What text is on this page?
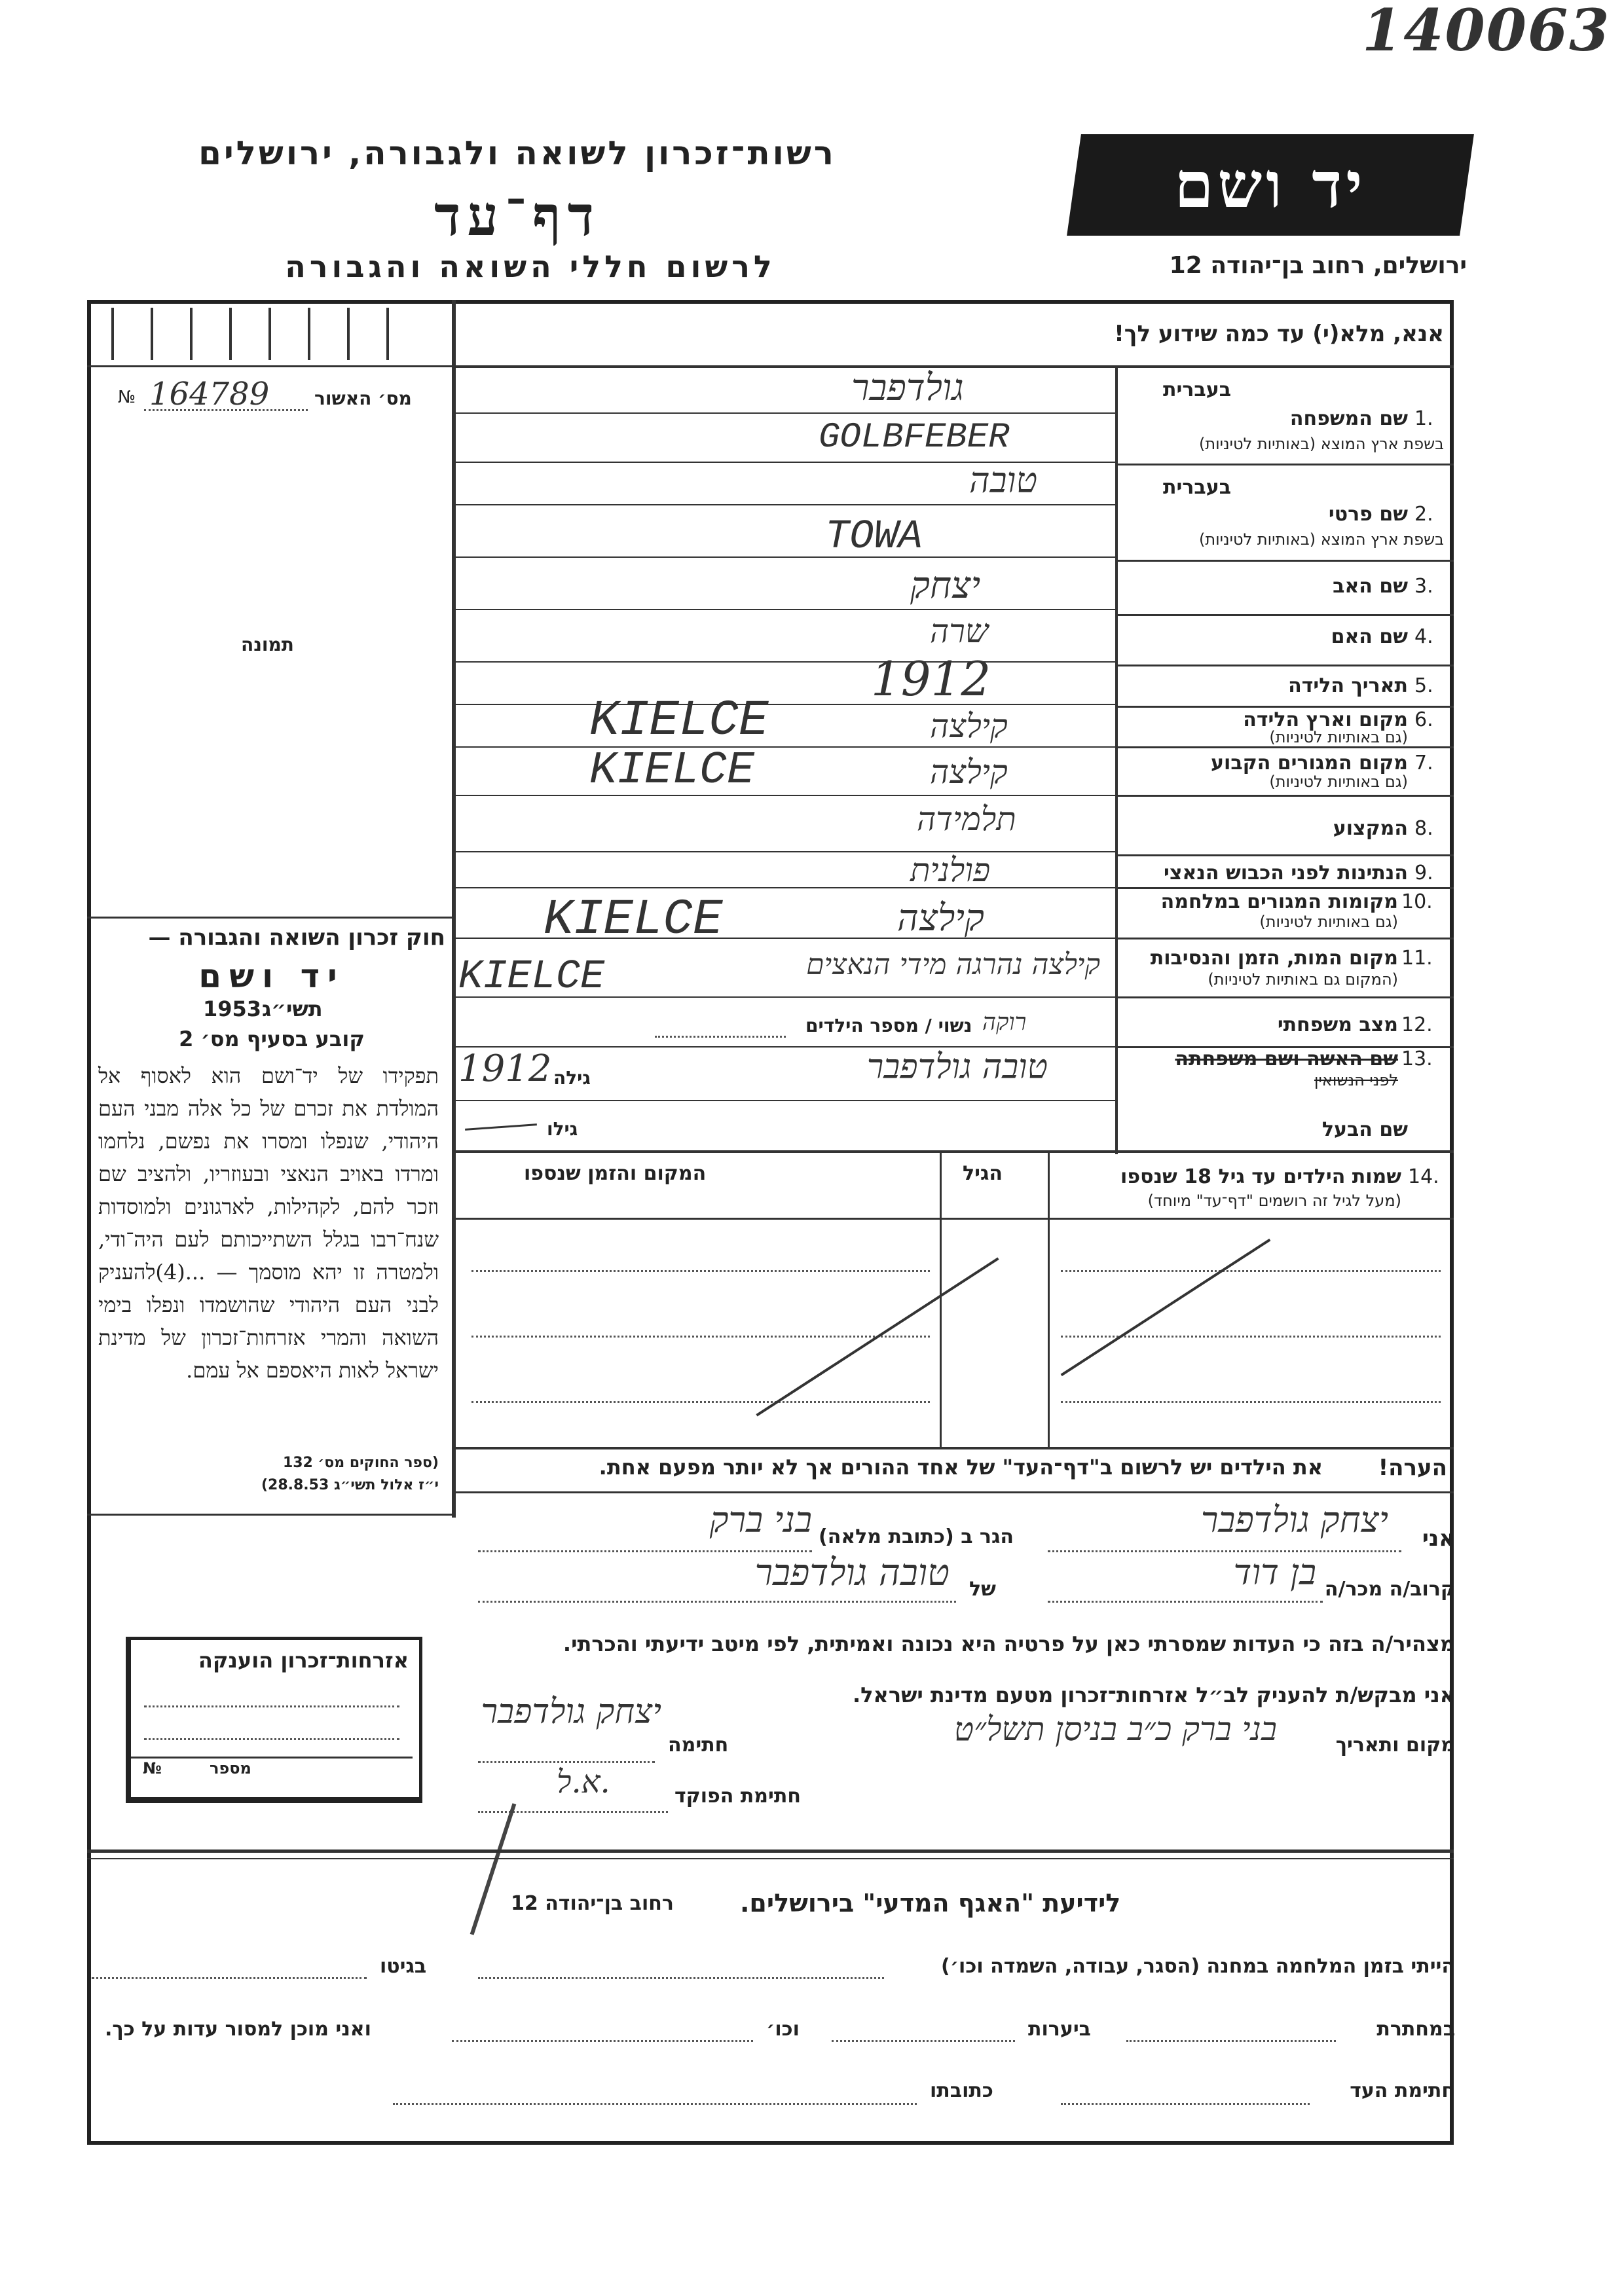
140063
רשות־זכרון לשואה ולגבורה, ירושלים
דף־עד
לרשום חללי השואה והגבורה
יד ושם
ירושלים, רחוב בן־יהודה 12
מס׳ האשור
№ 164789
תמונה
חוק זכרון השואה והגבורה —
יד ושם
1953 תשי״ג
קובע בסעיף מס׳ 2
תפקידו של יד־ושם הוא לאסוף אל המולדת את זכרם של כל אלה מבני העם היהודי, שנפלו ומסרו את נפשם, נלחמו ומרדו באויב הנאצי ובעוזריו, ולהציב שם וזכר להם, לקהילות, לארגונים ולמוסדות שנח־רבו בגלל השתייכותם לעם היה־ודי, ולמטרה זו יהא מוסמך — ...(4)להעניק לבני העם היהודי שהושמדו ונפלו בימי השואה והמרי אזרחות־זכרון של מדינת ישראל לאות היאספם אל עמם.
(ספר החוקים מס׳ 132
י״ז אלול תשי״ג 28.8.53)
אזרחות־זכרון הוענקה
מספר
№
אנא, מלא(י) עד כמה שידוע לך!
1.
בעברית
שם המשפחה
בשפת ארץ המוצא (באותיות לטיניות)
גולדפבר
GOLBFEBER
2.
בעברית
שם פרטי
בשפת ארץ המוצא (באותיות לטיניות)
טובה
TOWA
3.
שם האב
יצחק
4.
שם האם
שרה
5.
תאריך הלידה
1912
6.
מקום וארץ הלידה
(גם באותיות לטיניות)
קילצה
KIELCE
7.
מקום המגורים הקבוע
(גם באותיות לטיניות)
קילצה
KIELCE
8.
המקצוע
תלמידה
9.
הנתינות לפני הכבוש הנאצי
פולנית
10.
מקומות המגורים במלחמה
(גם באותיות לטיניות)
קילצה
KIELCE
11.
מקום המות, הזמן והנסיבות
(המקום גם באותיות לטיניות)
קילצה נהרגה מידי הנאצים
KIELCE
12.
מצב משפחתי
נשוי / מספר הילדים רוקה
13.
שם האשה ושם משפחתה
לפני הנשואין
טובה גולדפבר
גילה
1912
שם הבעל
גילו
14.
שמות הילדים עד גיל 18 שנספו
(מעל לגיל זה רושמים "דף־עד" מיוחד)
הגיל
המקום והזמן שנספו
הערה!
את הילדים יש לרשום ב"דף־העד" של אחד ההורים אך לא יותר מפעם אחת.
אני
יצחק גולדפבר
הגר ב (כתובת מלאה)
בני ברק
קרוב/ה מכר/ה
בן דוד
של
טובה גולדפבר
מצהיר/ה בזה כי העדות שמסרתי כאן על פרטיה היא נכונה ואמיתית, לפי מיטב ידיעתי והכרתי.
אני מבקש/ת להעניק לב״ל אזרחות־זכרון מטעם מדינת ישראל.
מקום ותאריך
בני ברק כ״ב בניסן תשל״ט
חתימה
יצחק גולדפבר
חתימת הפוקד
א.ל.
לידיעת "האגף המדעי" בירושלים.
רחוב בן־יהודה 12
הייתי בזמן המלחמה במחנה (הסגר, עבודה, השמדה וכו׳)
בגיטו
במחתרת
ביערות
וכו׳
ואני מוכן למסור עדות על כך.
חתימת העד
כתובתו
